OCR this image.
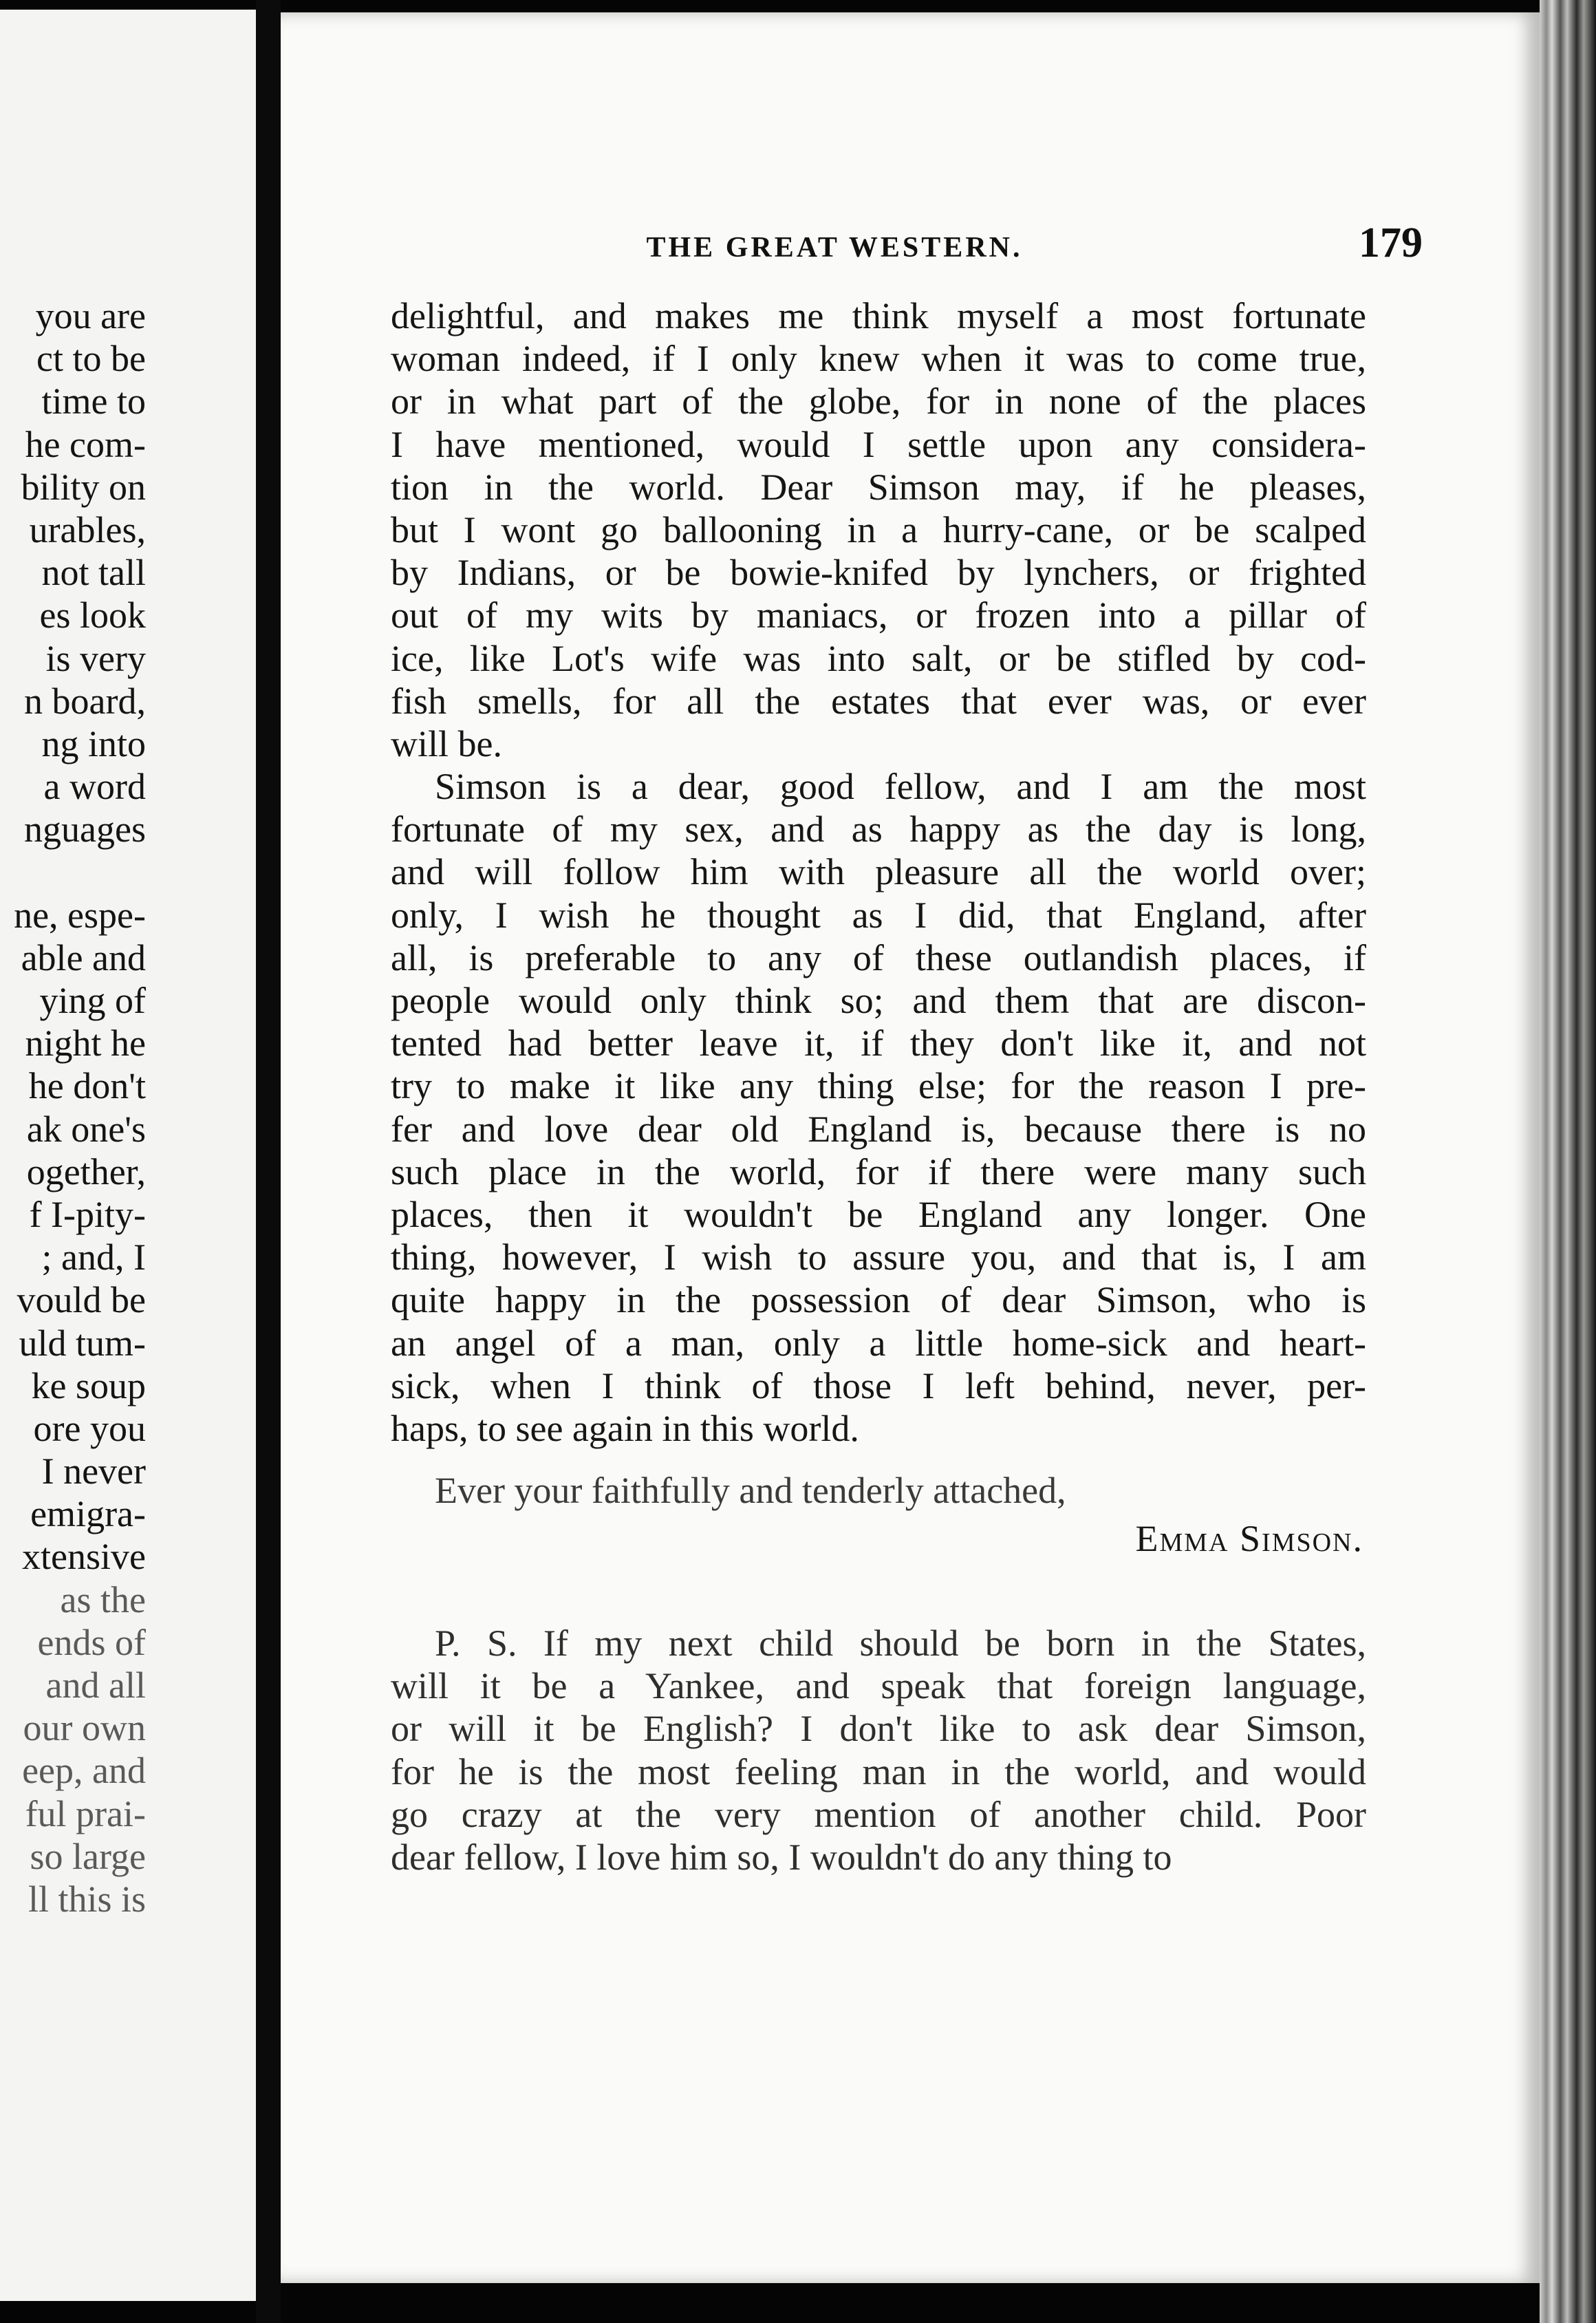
you are
ct to be
time to
he com-
bility on
urables,
not tall
es look
is very
n board,
ng into
a word
nguages
ne, espe-
able and
ying of
night he
he don't
ak one's
ogether,
f I-pity-
; and, I
vould be
uld tum-
ke soup
ore you
I never
emigra-
xtensive
as the
ends of
and all
our own
eep, and
ful prai-
so large
ll this is
THE GREAT WESTERN.	179
delightful, and makes me think myself a most fortunate
woman indeed, if I only knew when it was to come true,
or in what part of the globe, for in none of the places
I have mentioned, would I settle upon any considera-
tion in the world. Dear Simson may, if he pleases,
but I wont go ballooning in a hurry-cane, or be scalped
by Indians, or be bowie-knifed by lynchers, or frighted
out of my wits by maniacs, or frozen into a pillar of
ice, like Lot's wife was into salt, or be stifled by cod-
fish smells, for all the estates that ever was, or ever
will be.
Simson is a dear, good fellow, and I am the most
fortunate of my sex, and as happy as the day is long,
and will follow him with pleasure all the world over;
only, I wish he thought as I did, that England, after
all, is preferable to any of these outlandish places, if
people would only think so; and them that are discon-
tented had better leave it, if they don't like it, and not
try to make it like any thing else; for the reason I pre-
fer and love dear old England is, because there is no
such place in the world, for if there were many such
places, then it wouldn't be England any longer. One
thing, however, I wish to assure you, and that is, I am
quite happy in the possession of dear Simson, who is
an angel of a man, only a little home-sick and heart-
sick, when I think of those I left behind, never, per-
haps, to see again in this world.
Ever your faithfully and tenderly attached,
Emma Simson.
P. S. If my next child should be born in the States,
will it be a Yankee, and speak that foreign language,
or will it be English? I don't like to ask dear Simson,
for he is the most feeling man in the world, and would
go crazy at the very mention of another child. Poor
dear fellow, I love him so, I wouldn't do any thing to
